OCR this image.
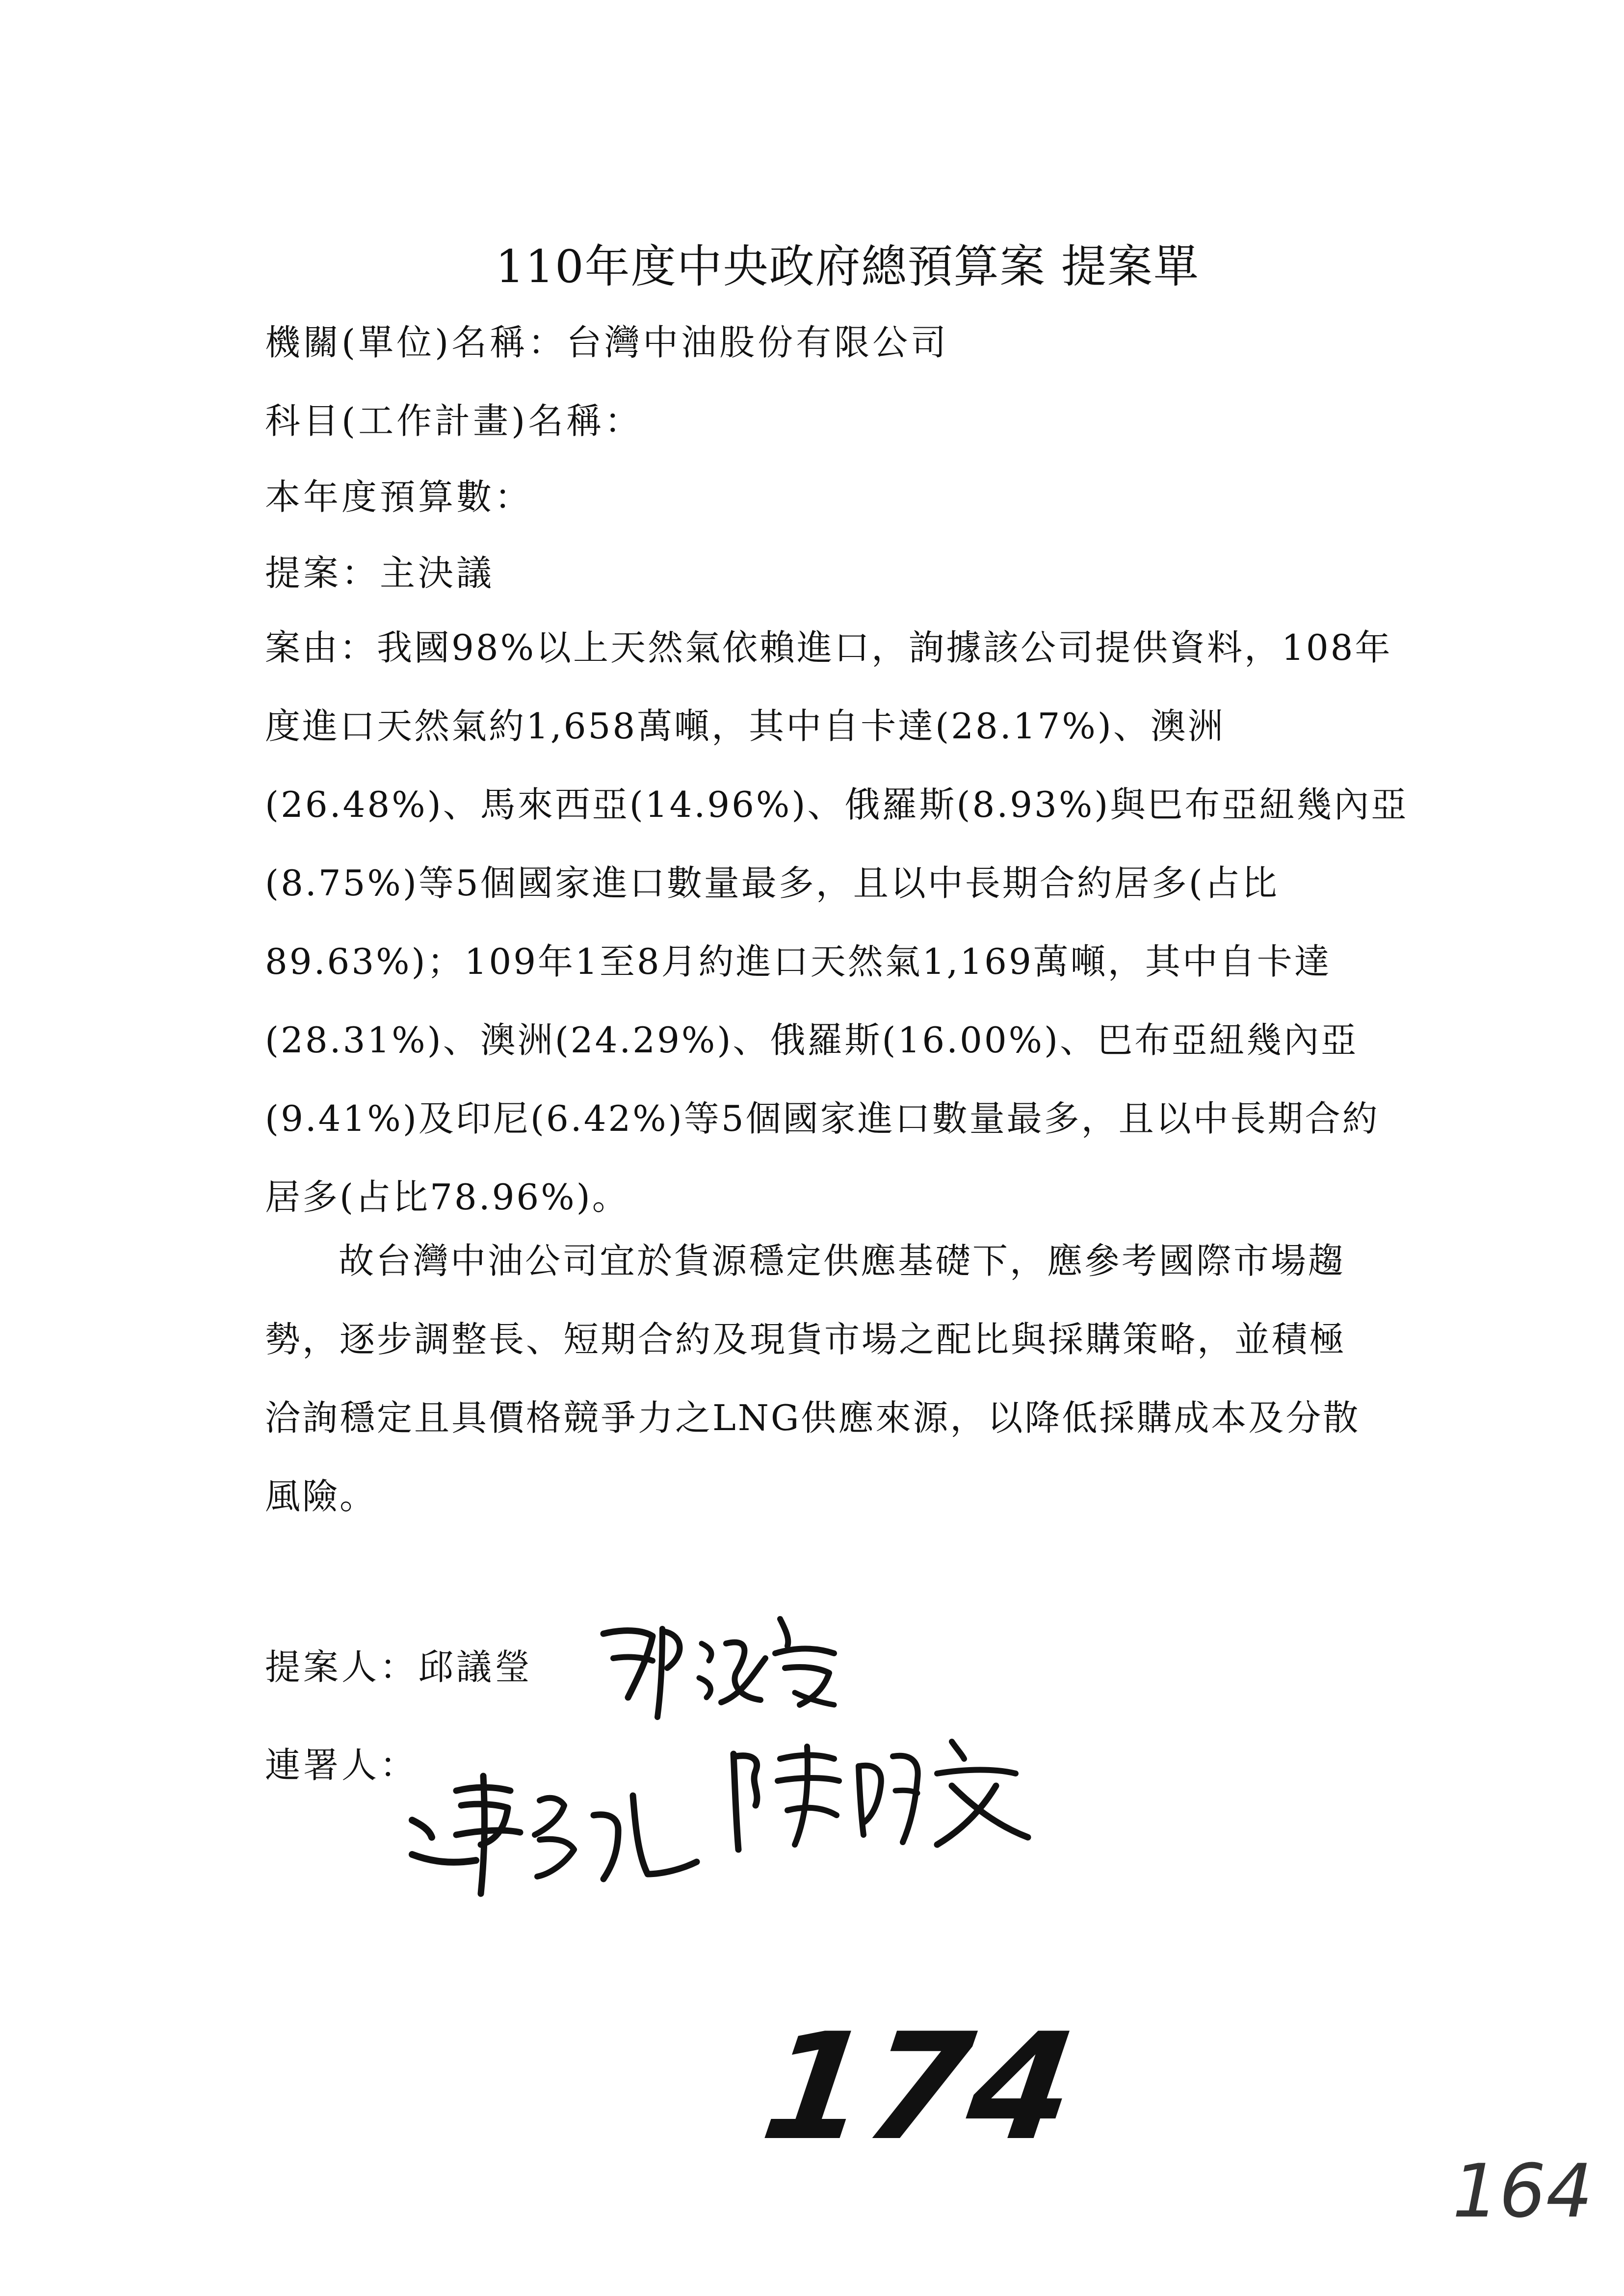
110年度中央政府總預算案 提案單
機關(單位)名稱：台灣中油股份有限公司
科目(工作計畫)名稱：
本年度預算數：
提案：主決議
案由：我國98%以上天然氣依賴進口，詢據該公司提供資料，108年
度進口天然氣約1,658萬噸，其中自卡達(28.17%)、澳洲
(26.48%)、馬來西亞(14.96%)、俄羅斯(8.93%)與巴布亞紐幾內亞
(8.75%)等5個國家進口數量最多，且以中長期合約居多(占比
89.63%)；109年1至8月約進口天然氣1,169萬噸，其中自卡達
(28.31%)、澳洲(24.29%)、俄羅斯(16.00%)、巴布亞紐幾內亞
(9.41%)及印尼(6.42%)等5個國家進口數量最多，且以中長期合約
居多(占比78.96%)。
故台灣中油公司宜於貨源穩定供應基礎下，應參考國際市場趨
勢，逐步調整長、短期合約及現貨市場之配比與採購策略，並積極
洽詢穩定且具價格競爭力之LNG供應來源，以降低採購成本及分散
風險。
提案人：邱議瑩
連署人：
174
164
